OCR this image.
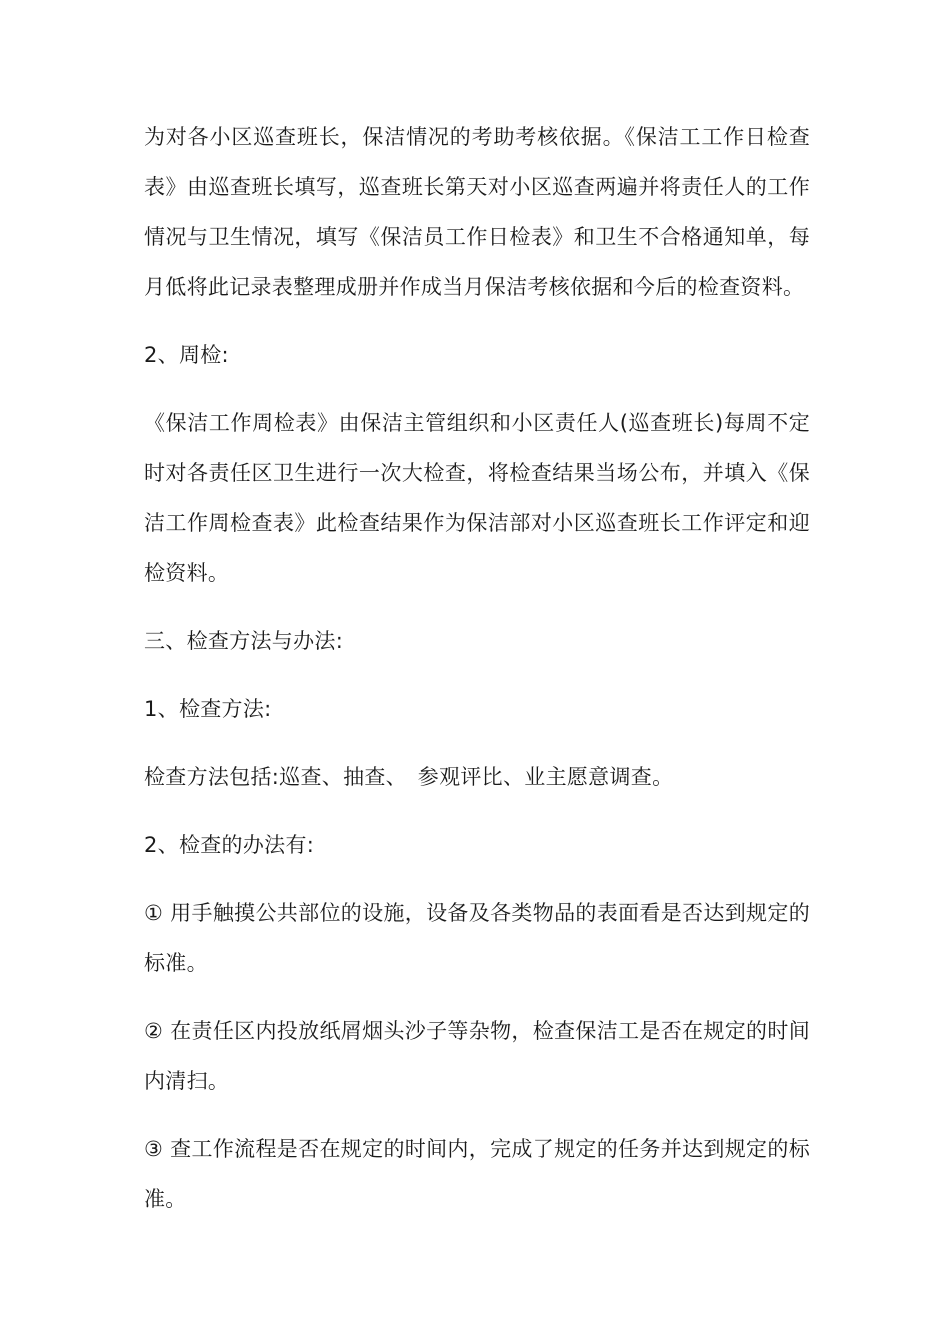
为对各小区巡查班长，保洁情况的考助考核依据。《保洁工工作日检查表》由巡查班长填写，巡查班长第天对小区巡查两遍并将责任人的工作情况与卫生情况，填写《保洁员工作日检表》和卫生不合格通知单，每月低将此记录表整理成册并作成当月保洁考核依据和今后的检查资料。

2、周检:

《保洁工作周检表》由保洁主管组织和小区责任人(巡查班长)每周不定时对各责任区卫生进行一次大检查，将检查结果当场公布，并填入《保洁工作周检查表》此检查结果作为保洁部对小区巡查班长工作评定和迎检资料。

三、检查方法与办法:

1、检查方法:

检查方法包括:巡查、抽查、　参观评比、业主愿意调查。

2、检查的办法有:

① 用手触摸公共部位的设施，设备及各类物品的表面看是否达到规定的标准。

② 在责任区内投放纸屑烟头沙子等杂物，检查保洁工是否在规定的时间内清扫。

③ 查工作流程是否在规定的时间内，完成了规定的任务并达到规定的标准。
